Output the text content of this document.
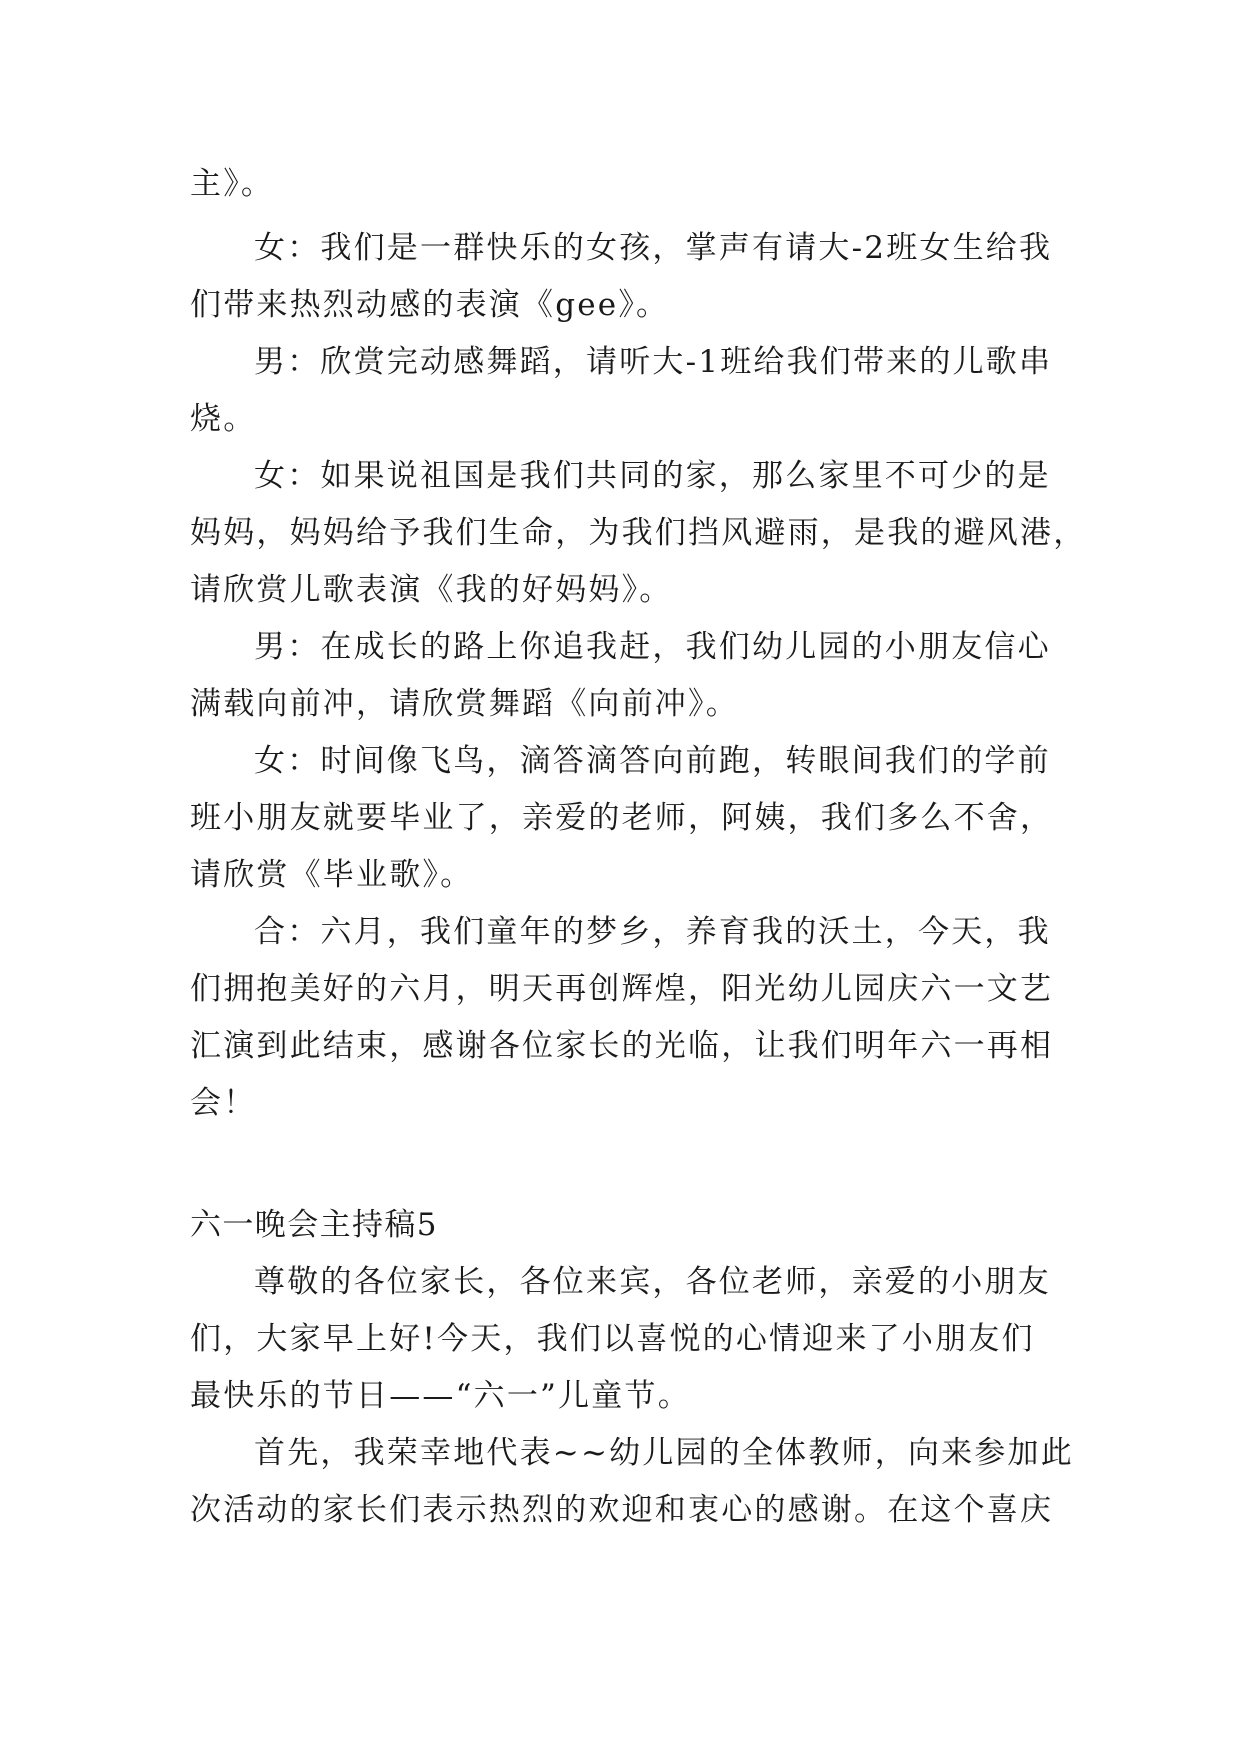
主》。
女：我们是一群快乐的女孩，掌声有请大-2班女生给我
们带来热烈动感的表演《gee》。
男：欣赏完动感舞蹈，请听大-1班给我们带来的儿歌串
烧。
女：如果说祖国是我们共同的家，那么家里不可少的是
妈妈，妈妈给予我们生命，为我们挡风避雨，是我的避风港，
请欣赏儿歌表演《我的好妈妈》。
男：在成长的路上你追我赶，我们幼儿园的小朋友信心
满载向前冲，请欣赏舞蹈《向前冲》。
女：时间像飞鸟，滴答滴答向前跑，转眼间我们的学前
班小朋友就要毕业了，亲爱的老师，阿姨，我们多么不舍，
请欣赏《毕业歌》。
合：六月，我们童年的梦乡，养育我的沃土，今天，我
们拥抱美好的六月，明天再创辉煌，阳光幼儿园庆六一文艺
汇演到此结束，感谢各位家长的光临，让我们明年六一再相
会！
六一晚会主持稿5
尊敬的各位家长，各位来宾，各位老师，亲爱的小朋友
们，大家早上好!今天，我们以喜悦的心情迎来了小朋友们
最快乐的节日——“六一”儿童节。
首先，我荣幸地代表~~幼儿园的全体教师，向来参加此
次活动的家长们表示热烈的欢迎和衷心的感谢。在这个喜庆
